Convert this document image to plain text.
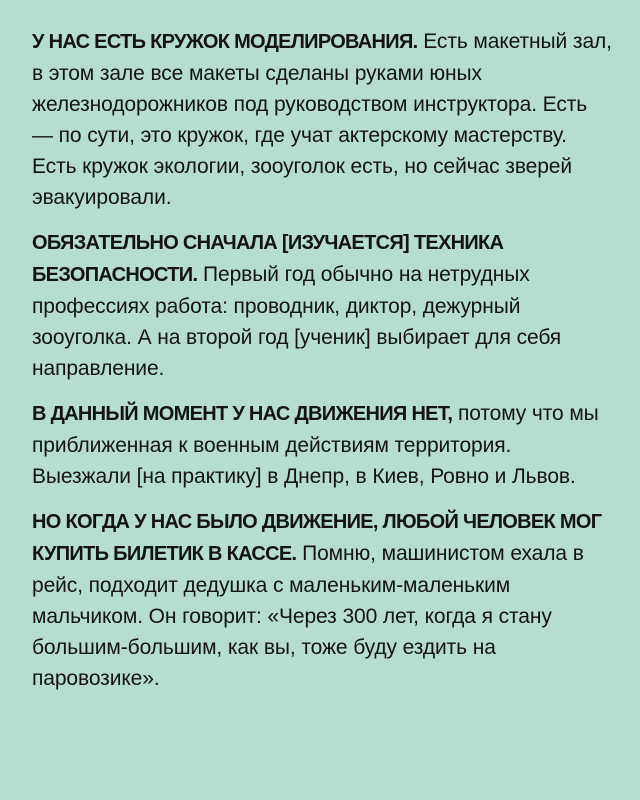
У НАС ЕСТЬ КРУЖОК МОДЕЛИРОВАНИЯ. Есть макетный зал, в этом зале все макеты сделаны руками юных железнодорожников под руководством инструктора. Есть — по сути, это кружок, где учат актерскому мастерству. Есть кружок экологии, зооуголок есть, но сейчас зверей эвакуировали.

ОБЯЗАТЕЛЬНО СНАЧАЛА [ИЗУЧАЕТСЯ] ТЕХНИКА БЕЗОПАСНОСТИ. Первый год обычно на нетрудных профессиях работа: проводник, диктор, дежурный зооуголка. А на второй год [ученик] выбирает для себя направление.

В ДАННЫЙ МОМЕНТ У НАС ДВИЖЕНИЯ НЕТ, потому что мы приближенная к военным действиям территория. Выезжали [на практику] в Днепр, в Киев, Ровно и Львов.

НО КОГДА У НАС БЫЛО ДВИЖЕНИЕ, ЛЮБОЙ ЧЕЛОВЕК МОГ КУПИТЬ БИЛЕТИК В КАССЕ. Помню, машинистом ехала в рейс, подходит дедушка с маленьким-маленьким мальчиком. Он говорит: «Через 300 лет, когда я стану большим-большим, как вы, тоже буду ездить на паровозике».
